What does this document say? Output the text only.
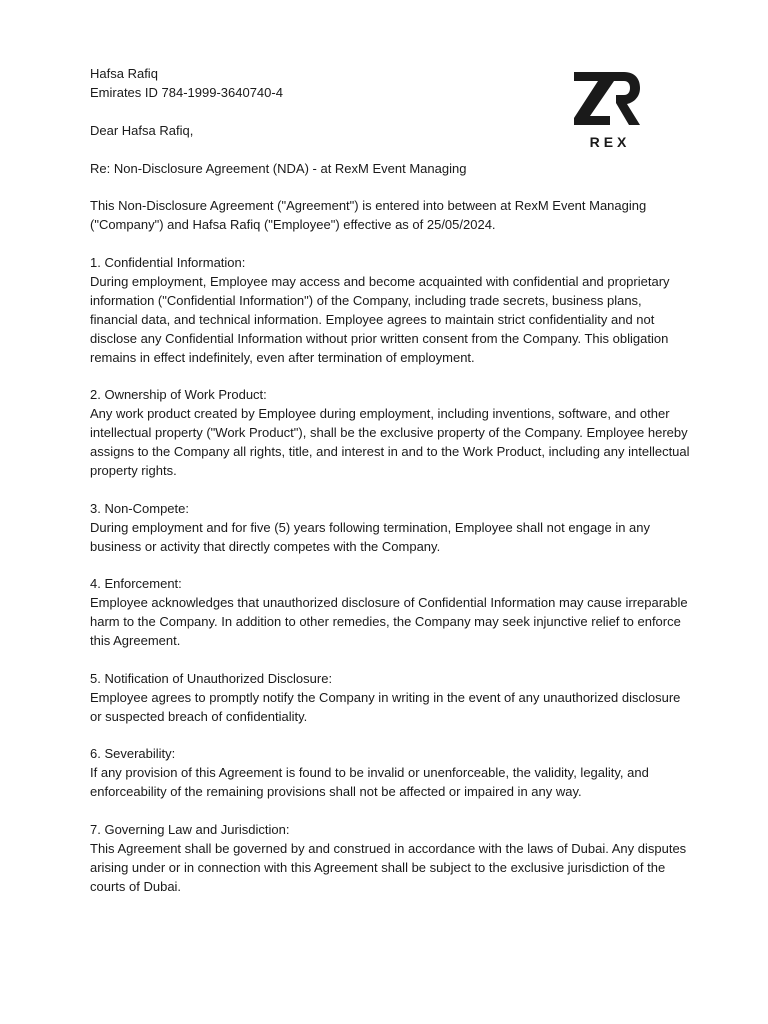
REX

Hafsa Rafiq

Emirates ID 784-1999-3640740-4

Dear Hafsa Rafiq,

Re: Non-Disclosure Agreement (NDA) - at RexM Event Managing

This Non-Disclosure Agreement ("Agreement") is entered into between at RexM Event Managing ("Company") and Hafsa Rafiq ("Employee") effective as of 25/05/2024.

1. Confidential Information:
During employment, Employee may access and become acquainted with confidential and proprietary information ("Confidential Information") of the Company, including trade secrets, business plans, financial data, and technical information. Employee agrees to maintain strict confidentiality and not disclose any Confidential Information without prior written consent from the Company. This obligation remains in effect indefinitely, even after termination of employment.

2. Ownership of Work Product:
Any work product created by Employee during employment, including inventions, software, and other intellectual property ("Work Product"), shall be the exclusive property of the Company. Employee hereby assigns to the Company all rights, title, and interest in and to the Work Product, including any intellectual property rights.

3. Non-Compete:
During employment and for five (5) years following termination, Employee shall not engage in any business or activity that directly competes with the Company.

4. Enforcement:
Employee acknowledges that unauthorized disclosure of Confidential Information may cause irreparable harm to the Company. In addition to other remedies, the Company may seek injunctive relief to enforce this Agreement.

5. Notification of Unauthorized Disclosure:
Employee agrees to promptly notify the Company in writing in the event of any unauthorized disclosure or suspected breach of confidentiality.

6. Severability:
If any provision of this Agreement is found to be invalid or unenforceable, the validity, legality, and enforceability of the remaining provisions shall not be affected or impaired in any way.

7. Governing Law and Jurisdiction:
This Agreement shall be governed by and construed in accordance with the laws of Dubai. Any disputes arising under or in connection with this Agreement shall be subject to the exclusive jurisdiction of the courts of Dubai.
